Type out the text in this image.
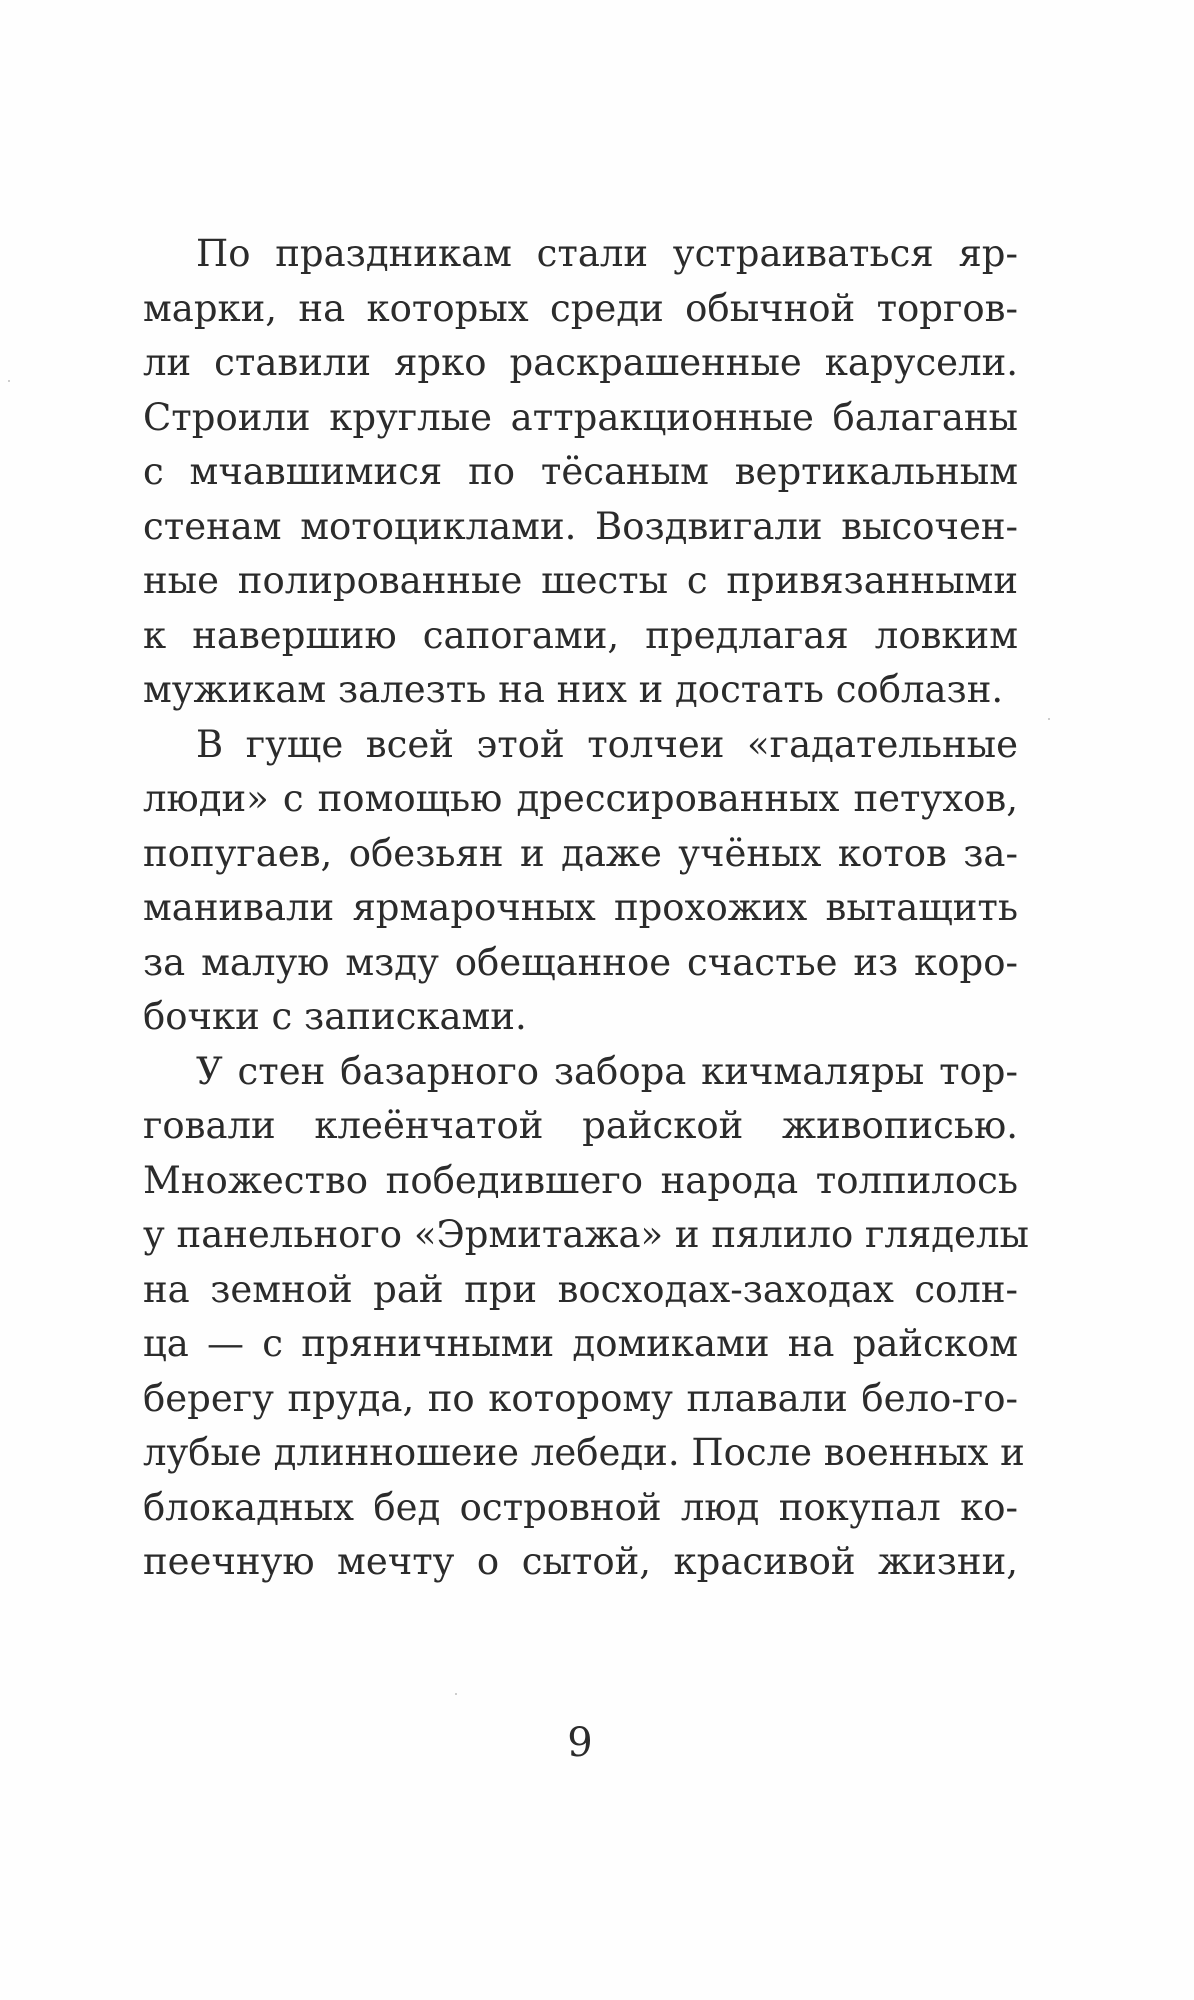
По праздникам стали устраиваться яр-
марки, на которых среди обычной торгов-
ли ставили ярко раскрашенные карусели.
Строили круглые аттракционные балаганы
с мчавшимися по тёсаным вертикальным
стенам мотоциклами. Воздвигали высочен-
ные полированные шесты с привязанными
к навершию сапогами, предлагая ловким
мужикам залезть на них и достать соблазн.

В гуще всей этой толчеи «гадательные
люди» с помощью дрессированных петухов,
попугаев, обезьян и даже учёных котов за-
манивали ярмарочных прохожих вытащить
за малую мзду обещанное счастье из коро-
бочки с записками.

У стен базарного забора кичмаляры тор-
говали клеёнчатой райской живописью.
Множество победившего народа толпилось
у панельного «Эрмитажа» и пялило гляделы
на земной рай при восходах-заходах солн-
ца — с пряничными домиками на райском
берегу пруда, по которому плавали бело-го-
лубые длинношеие лебеди. После военных и
блокадных бед островной люд покупал ко-
пеечную мечту о сытой, красивой жизни,

9
